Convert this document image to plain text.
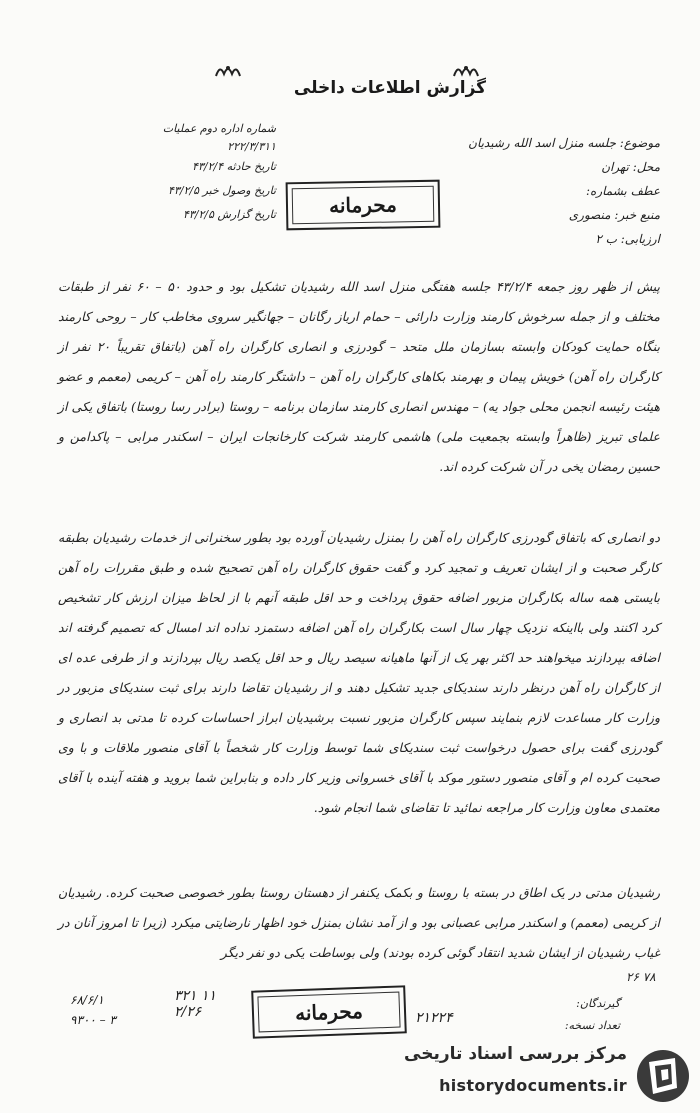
گزارش اطلاعات داخلی
موضوع: جلسه منزل اسد الله رشیدیان
محل: تهران
عطف بشماره:
منبع خبر: منصوری
ارزیابی: ب ۲
شماره اداره دوم عملیات
۲۲۲/۳/۳۱۱
تاریخ حادثه ۴۳/۲/۴
تاریخ وصول خبر ۴۳/۲/۵
تاریخ گزارش ۴۳/۲/۵	محرمانه
پیش از ظهر روز جمعه ۴۳/۲/۴ جلسه هفتگی منزل اسد الله رشیدیان تشکیل بود و حدود ۵۰ – ۶۰ نفر از طبقات مختلف و از جمله سرخوش کارمند وزارت دارائی – حمام ارباز رگانان – جهانگیر سروی مخاطب کار – روحی کارمند بنگاه حمایت کودکان وابسته بسازمان ملل متحد – گودرزی و انصاری کارگران راه آهن (باتفاق تقریباً ۲۰ نفر از کارگران راه آهن) خویش پیمان و بهرمند بکاهای کارگران راه آهن – داشتگر کارمند راه آهن – کریمی (معمم و عضو هیئت رئیسه انجمن محلی جواد یه) – مهندس انصاری کارمند سازمان برنامه – روستا (برادر رسا روستا) باتفاق یکی از علمای تبریز (ظاهراً وابسته بجمعیت ملی) هاشمی کارمند شرکت کارخانجات ایران – اسکندر مرابی – پاکدامن و حسین رمضان یخی در آن شرکت کرده اند.
دو انصاری که باتفاق گودرزی کارگران راه آهن را بمنزل رشیدیان آورده بود بطور سخنرانی از خدمات رشیدیان بطبقه کارگر صحبت و از ایشان تعریف و تمجید کرد و گفت حقوق کارگران راه آهن تصحیح شده و طبق مقررات راه آهن بایستی همه ساله بکارگران مزبور اضافه حقوق پرداخت و حد اقل طبقه آنهم با از لحاظ میزان ارزش کار تشخیص کرد اکنند ولی بااینکه نزدیک چهار سال است بکارگران راه آهن اضافه دستمزد نداده اند امسال که تصمیم گرفته اند اضافه بپردازند میخواهند حد اکثر بهر یک از آنها ماهیانه سیصد ریال و حد اقل یکصد ریال بپردازند و از طرفی عده ای از کارگران راه آهن درنظر دارند سندیکای جدید تشکیل دهند و از رشیدیان تقاضا دارند برای ثبت سندیکای مزبور در وزارت کار مساعدت لازم بنمایند سپس کارگران مزبور نسبت برشیدیان ابراز احساسات کرده تا مدتی بد انصاری و گودرزی گفت برای حصول درخواست ثبت سندیکای شما توسط وزارت کار شخصاً با آقای منصور ملاقات و با وی صحبت کرده ام و آقای منصور دستور موکد با آقای خسروانی وزیر کار داده و بنابراین شما بروید و هفته آینده با آقای معتمدی معاون وزارت کار مراجعه نمائید تا تقاضای شما انجام شود.
رشیدیان مدتی در یک اطاق در بسته با روستا و بکمک یکنفر از دهستان روستا بطور خصوصی صحبت کرده. رشیدیان از کریمی (معمم) و اسکندر مرابی عصبانی بود و از آمد نشان بمنزل خود اظهار نارضایتی میکرد (زیرا تا امروز آنان در غیاب رشیدیان از ایشان شدید انتقاد گوئی کرده بودند) ولی بوساطت یکی دو نفر دیگر
گیرندگان:
تعداد نسخه:
محرمانه
۳۲۱ ۱۱
۲/۲۶	۲۱۲۲۴
۶۸/۶/۱
۹۳۰۰ – ۳
۲۶ ۷۸
مرکز بررسی اسناد تاریخی
historydocuments.ir
